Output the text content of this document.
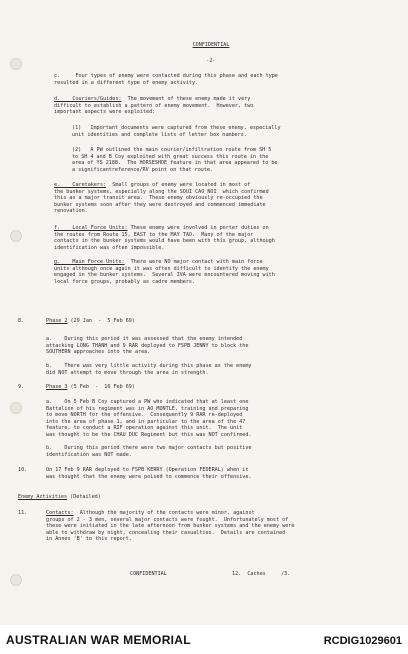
CONFIDENTIAL
-2-
c.     Four types of enemy were contacted during this phase and each type
resulted in a different type of enemy activity.
d.    Couriers/Guides:  The movement of these enemy made it very
difficult to establish a pattern of enemy movement.  However, two
important aspects were exploited:
(1)   Important documents were captured from these enemy, especially
unit identities and complete lists of letter box numbers.
(2)   A PW outlined the main courier/infiltration route from SH 5
to SH 4 and B Coy exploited with great success this route in the
area of YS 2188.  The HORSESHOE feature in that area appeared to be
a significantreference/RV point on that route.
e.    Caretakers:  Small groups of enemy were located in most of
the bunker systems, especially along the SOUI CAO NOI  which confirmed
this as a major transit area.  These enemy obviously re-occupied the
bunker systems soon after they were destroyed and commenced immediate
renovation.
f.    Local Force Units: These enemy were involved in porter duties on
the routes from Route 15, EAST to the MAY TAO.  Many of the major
contacts in the bunker systems would have been with this group, although
identification was often impossible.
g.    Main Force Units:  There were NO major contact with main force
units although once again it was often difficult to identify the enemy
engaged in the bunker systems.  Several IVA were encountered moving with
local force groups, probably as cadre members.
8.	Phase 2 (29 Jan  -  5 Feb 69)
a.    During this period it was assessed that the enemy intended
attacking LONG THANH and 9 RAR deployed to FSPB JENNY to block the
SOUTHERN approaches into the area.
b.    There was very little activity during this phase as the enemy
did NOT attempt to move through the area in strength.
9.	Phase 3 (5 Feb  -  16 Feb 69)
a.    On 5 Feb B Coy captured a PW who indicated that at least one
Battalion of his regiment was in AO MONTLE, training and preparing
to move NORTH for the offensive.  Consequently 9 RAR re-deployed
into the area of phase 1, and in particular to the area of the 47
feature, to conduct a RIF operation against this unit.  The unit
was thought to be the CHAU DUC Regiment but this was NOT confirmed.
b.    During this period there were two major contacts but positive
identification was NOT made.
10.	On 17 Feb 9 RAR deployed to FSPB KERRY (Operation FEDERAL) when it
was thought that the enemy were poised to commence their offensive.
Enemy Activities (Detailed)
11.	Contacts:  Although the majority of the contacts were minor, against
groups of 2 - 3 men, several major contacts were fought.  Unfortunately most of
these were initiated in the late afternoon from bunker systems and the enemy were
able to withdraw by night, concealing their casualties.  Details are contained
in Annex 'B' to this report.
CONFIDENTIAL	12.  Caches     /3.
AUSTRALIAN WAR MEMORIAL	RCDIG1029601
